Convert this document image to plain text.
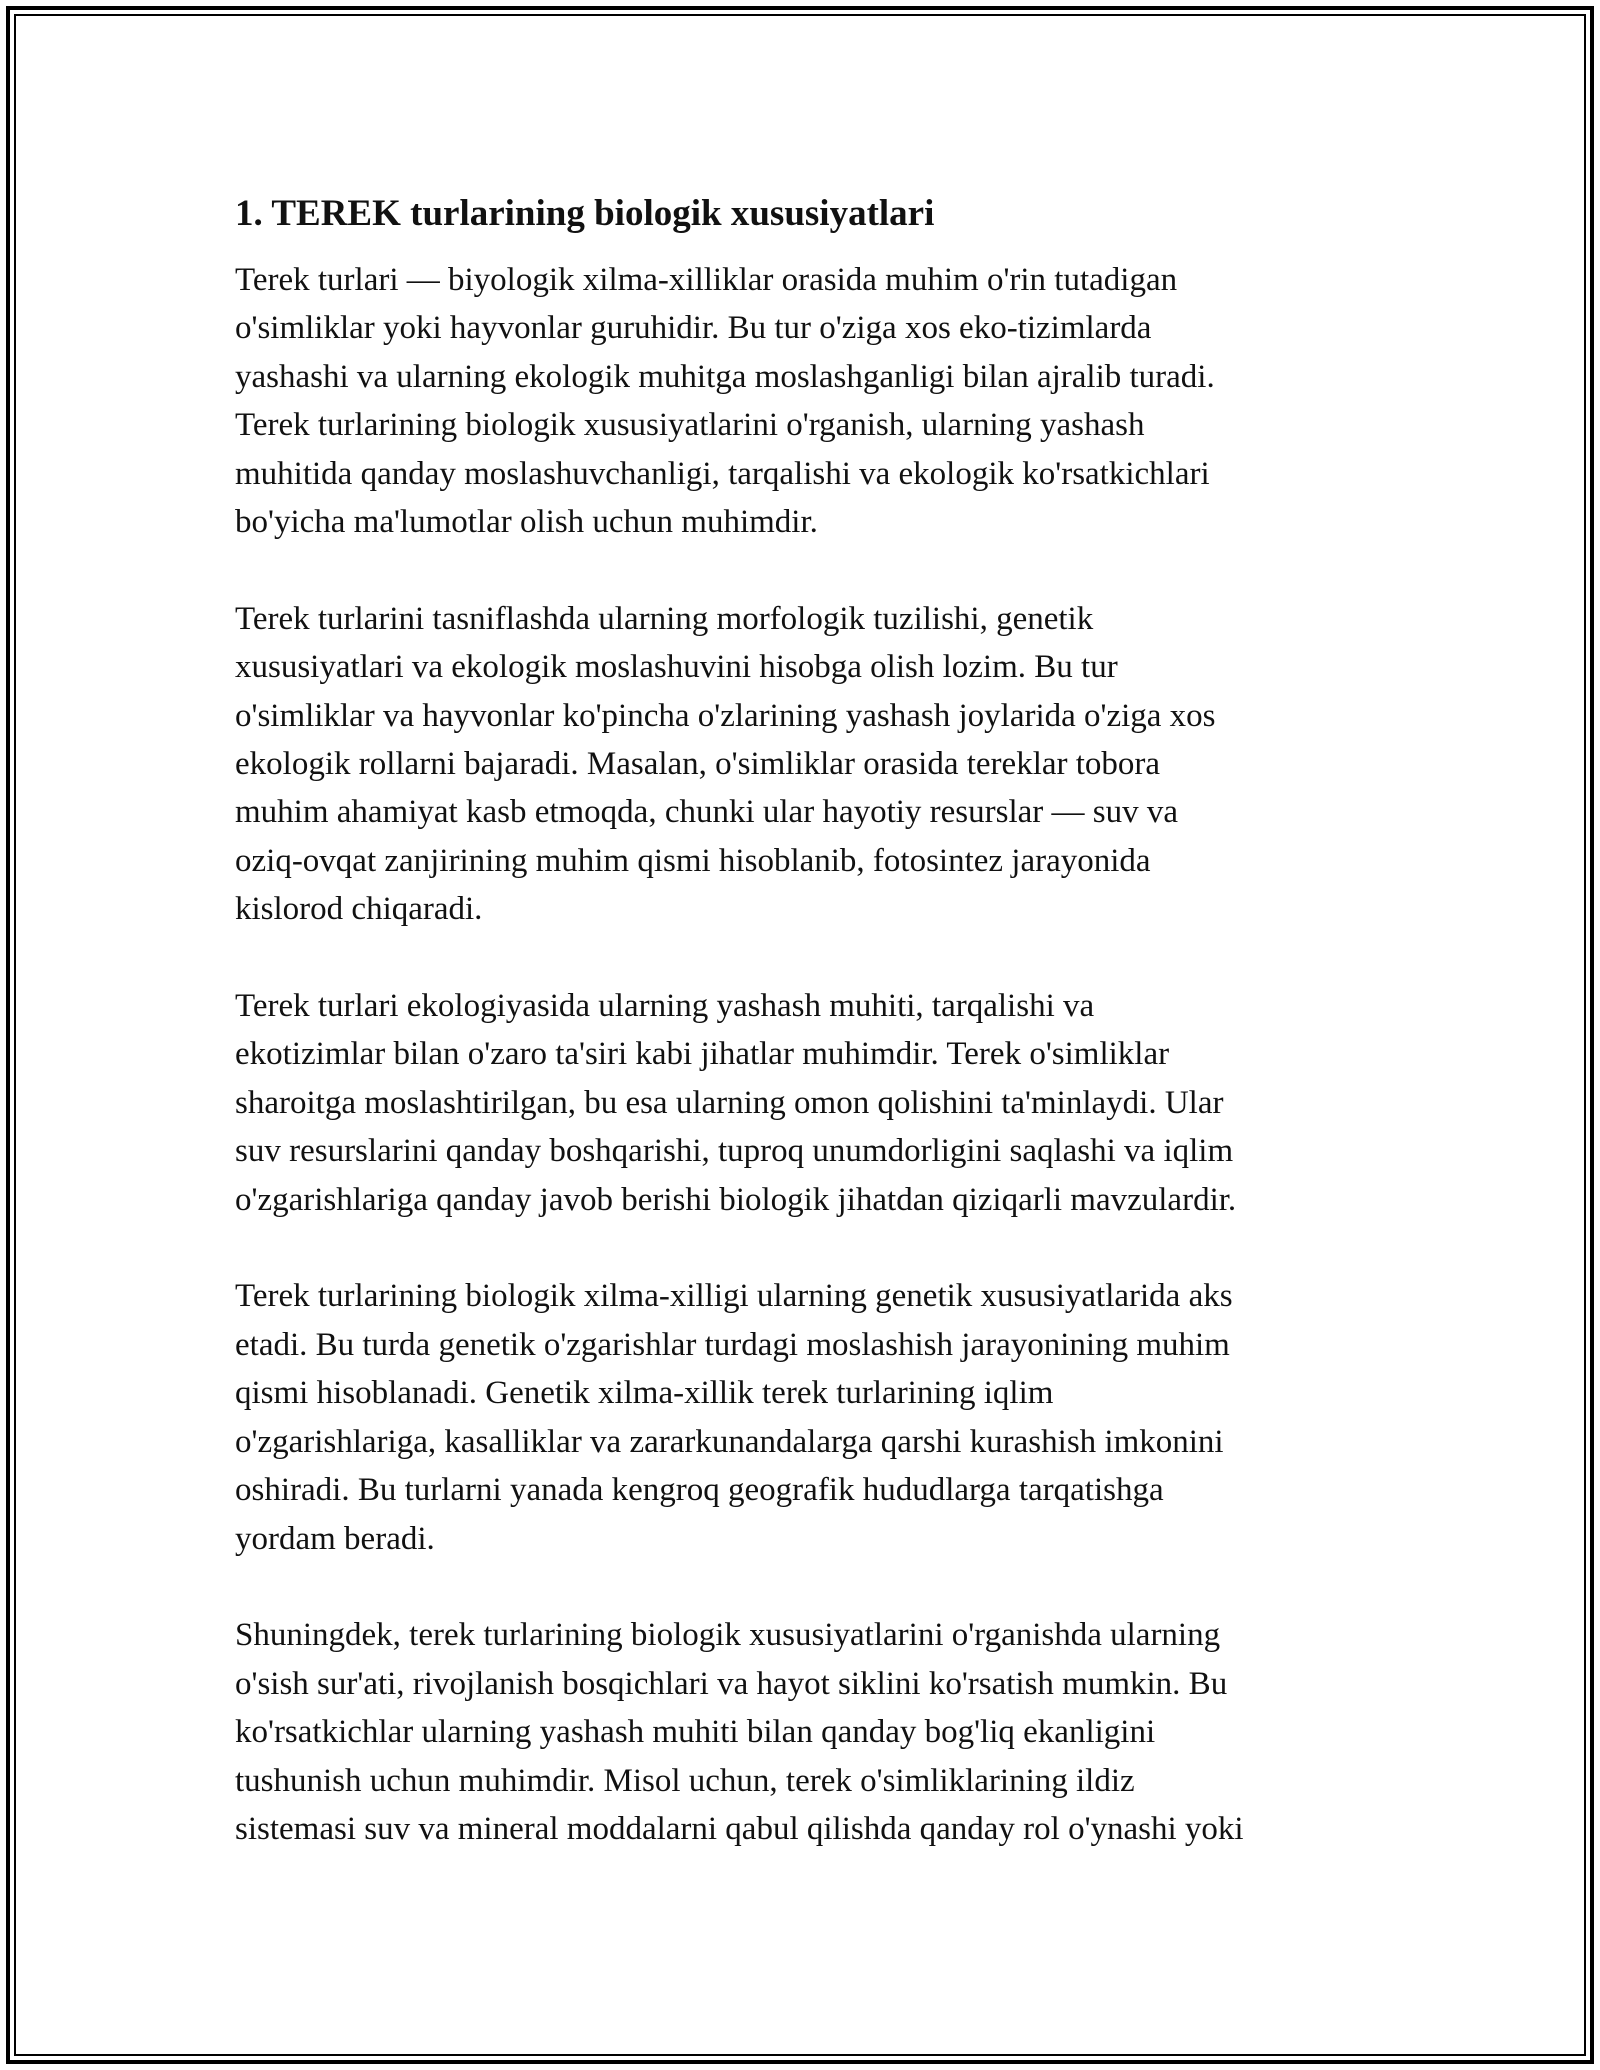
1. TEREK turlarining biologik xususiyatlari
Terek turlari — biyologik xilma-xilliklar orasida muhim o'rin tutadigan
o'simliklar yoki hayvonlar guruhidir. Bu tur o'ziga xos eko-tizimlarda
yashashi va ularning ekologik muhitga moslashganligi bilan ajralib turadi.
Terek turlarining biologik xususiyatlarini o'rganish, ularning yashash
muhitida qanday moslashuvchanligi, tarqalishi va ekologik ko'rsatkichlari
bo'yicha ma'lumotlar olish uchun muhimdir.
Terek turlarini tasniflashda ularning morfologik tuzilishi, genetik
xususiyatlari va ekologik moslashuvini hisobga olish lozim. Bu tur
o'simliklar va hayvonlar ko'pincha o'zlarining yashash joylarida o'ziga xos
ekologik rollarni bajaradi. Masalan, o'simliklar orasida tereklar tobora
muhim ahamiyat kasb etmoqda, chunki ular hayotiy resurslar — suv va
oziq-ovqat zanjirining muhim qismi hisoblanib, fotosintez jarayonida
kislorod chiqaradi.
Terek turlari ekologiyasida ularning yashash muhiti, tarqalishi va
ekotizimlar bilan o'zaro ta'siri kabi jihatlar muhimdir. Terek o'simliklar
sharoitga moslashtirilgan, bu esa ularning omon qolishini ta'minlaydi. Ular
suv resurslarini qanday boshqarishi, tuproq unumdorligini saqlashi va iqlim
o'zgarishlariga qanday javob berishi biologik jihatdan qiziqarli mavzulardir.
Terek turlarining biologik xilma-xilligi ularning genetik xususiyatlarida aks
etadi. Bu turda genetik o'zgarishlar turdagi moslashish jarayonining muhim
qismi hisoblanadi. Genetik xilma-xillik terek turlarining iqlim
o'zgarishlariga, kasalliklar va zararkunandalarga qarshi kurashish imkonini
oshiradi. Bu turlarni yanada kengroq geografik hududlarga tarqatishga
yordam beradi.
Shuningdek, terek turlarining biologik xususiyatlarini o'rganishda ularning
o'sish sur'ati, rivojlanish bosqichlari va hayot siklini ko'rsatish mumkin. Bu
ko'rsatkichlar ularning yashash muhiti bilan qanday bog'liq ekanligini
tushunish uchun muhimdir. Misol uchun, terek o'simliklarining ildiz
sistemasi suv va mineral moddalarni qabul qilishda qanday rol o'ynashi yoki
